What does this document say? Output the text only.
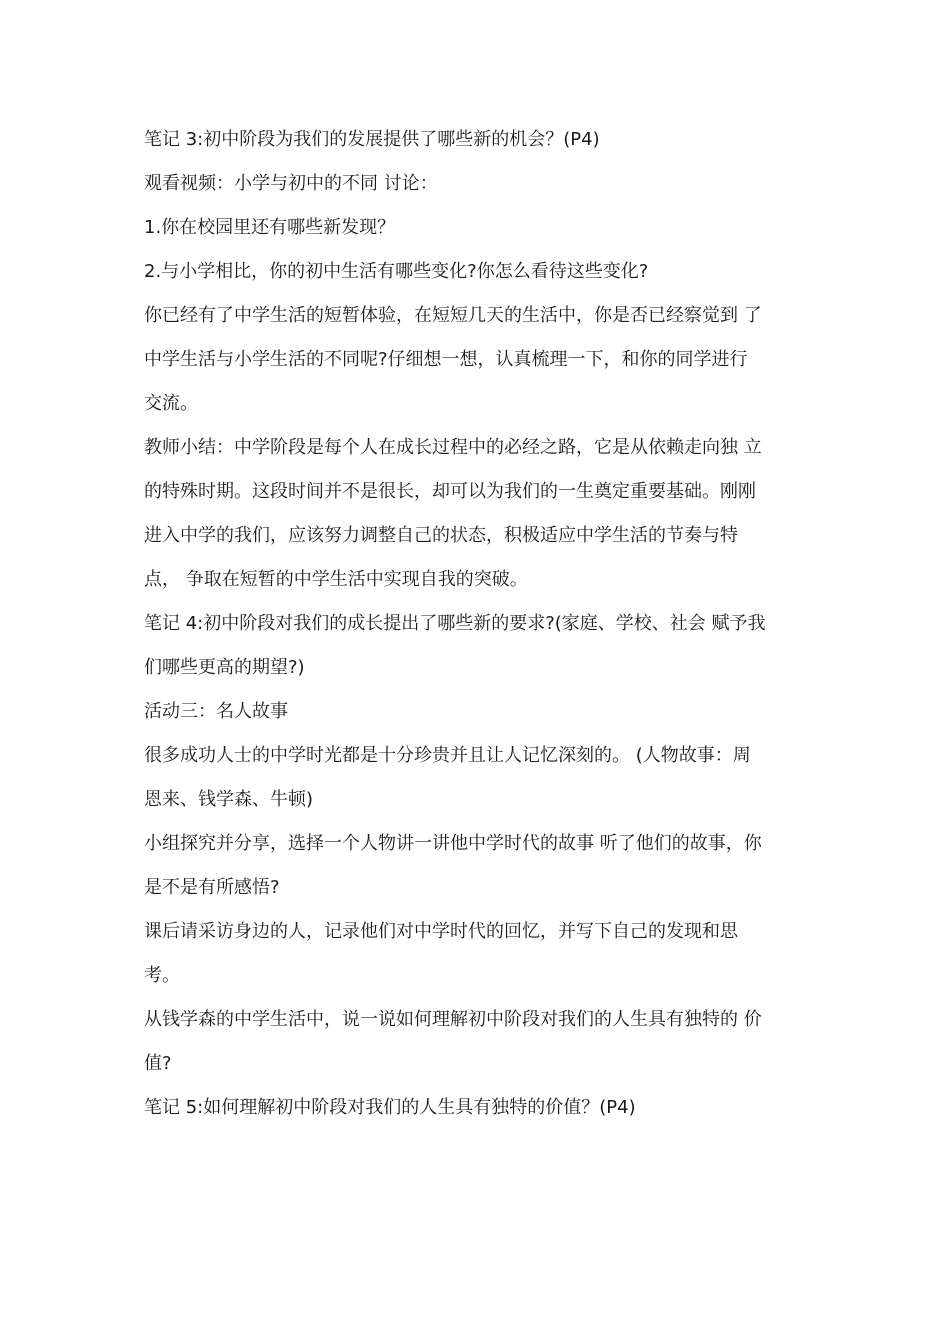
笔记 3:初中阶段为我们的发展提供了哪些新的机会？(P4)

观看视频：小学与初中的不同 讨论：

1.你在校园里还有哪些新发现？

2.与小学相比，你的初中生活有哪些变化?你怎么看待这些变化?

你已经有了中学生活的短暂体验，在短短几天的生活中，你是否已经察觉到 了
中学生活与小学生活的不同呢?仔细想一想，认真梳理一下，和你的同学进行
交流。

教师小结：中学阶段是每个人在成长过程中的必经之路，它是从依赖走向独 立
的特殊时期。这段时间并不是很长，却可以为我们的一生奠定重要基础。刚刚
进入中学的我们，应该努力调整自己的状态，积极适应中学生活的节奏与特
点， 争取在短暂的中学生活中实现自我的突破。

笔记 4:初中阶段对我们的成长提出了哪些新的要求?(家庭、学校、社会 赋予我
们哪些更高的期望?)

活动三：名人故事

很多成功人士的中学时光都是十分珍贵并且让人记忆深刻的。 (人物故事：周
恩来、钱学森、牛顿)

小组探究并分享，选择一个人物讲一讲他中学时代的故事 听了他们的故事，你
是不是有所感悟?

课后请采访身边的人，记录他们对中学时代的回忆，并写下自己的发现和思
考。

从钱学森的中学生活中，说一说如何理解初中阶段对我们的人生具有独特的 价
值?

笔记 5:如何理解初中阶段对我们的人生具有独特的价值？(P4)
